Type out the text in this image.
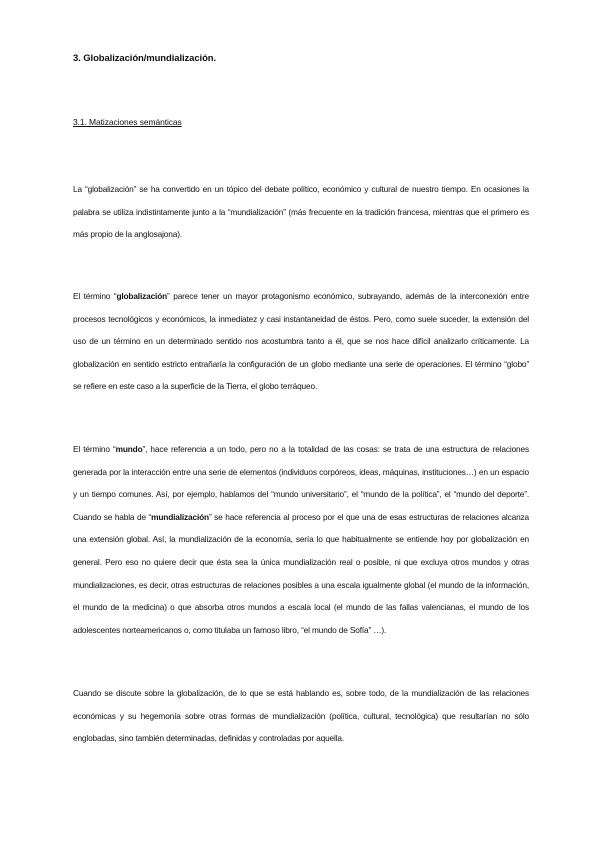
3. Globalización/mundialización.
3.1. Matizaciones semánticas

La “globalización” se ha convertido en un tópico del debate político, económico y cultural de nuestro tiempo. En ocasiones la palabra se utiliza indistintamente junto a la “mundialización” (más frecuente en la tradición francesa, mientras que el primero es más propio de la anglosajona).

El término “globalización” parece tener un mayor protagonismo económico, subrayando, además de la interconexión entre procesos tecnológicos y económicos, la inmediatez y casi instantaneidad de éstos. Pero, como suele suceder, la extensión del uso de un término en un determinado sentido nos acostumbra tanto a él, que se nos hace difícil analizarlo críticamente. La globalización en sentido estricto entrañaría la configuración de un globo mediante una serie de operaciones. El término “globo” se refiere en este caso a la superficie de la Tierra, el globo terráqueo.

El término “mundo”, hace referencia a un todo, pero no a la totalidad de las cosas: se trata de una estructura de relaciones generada por la interacción entre una serie de elementos (individuos corpóreos, ideas, máquinas, instituciones…) en un espacio y un tiempo comunes. Así, por ejemplo, hablamos del “mundo universitario”, el “mundo de la política”, el “mundo del deporte”. Cuando se habla de “mundialización” se hace referencia al proceso por el que una de esas estructuras de relaciones alcanza una extensión global. Así, la mundialización de la economía, sería lo que habitualmente se entiende hoy por globalización en general. Pero eso no quiere decir que ésta sea la única mundialización real o posible, ni que excluya otros mundos y otras mundializaciones, es decir, otras estructuras de relaciones posibles a una escala igualmente global (el mundo de la información, el mundo de la medicina) o que absorba otros mundos a escala local (el mundo de las fallas valencianas, el mundo de los adolescentes norteamericanos o, como titulaba un famoso libro, “el mundo de Sofía” …).

Cuando se discute sobre la globalización, de lo que se está hablando es, sobre todo, de la mundialización de las relaciones económicas y su hegemonía sobre otras formas de mundialización (política, cultural, tecnológica) que resultarían no sólo englobadas, sino también determinadas, definidas y controladas por aquella.
